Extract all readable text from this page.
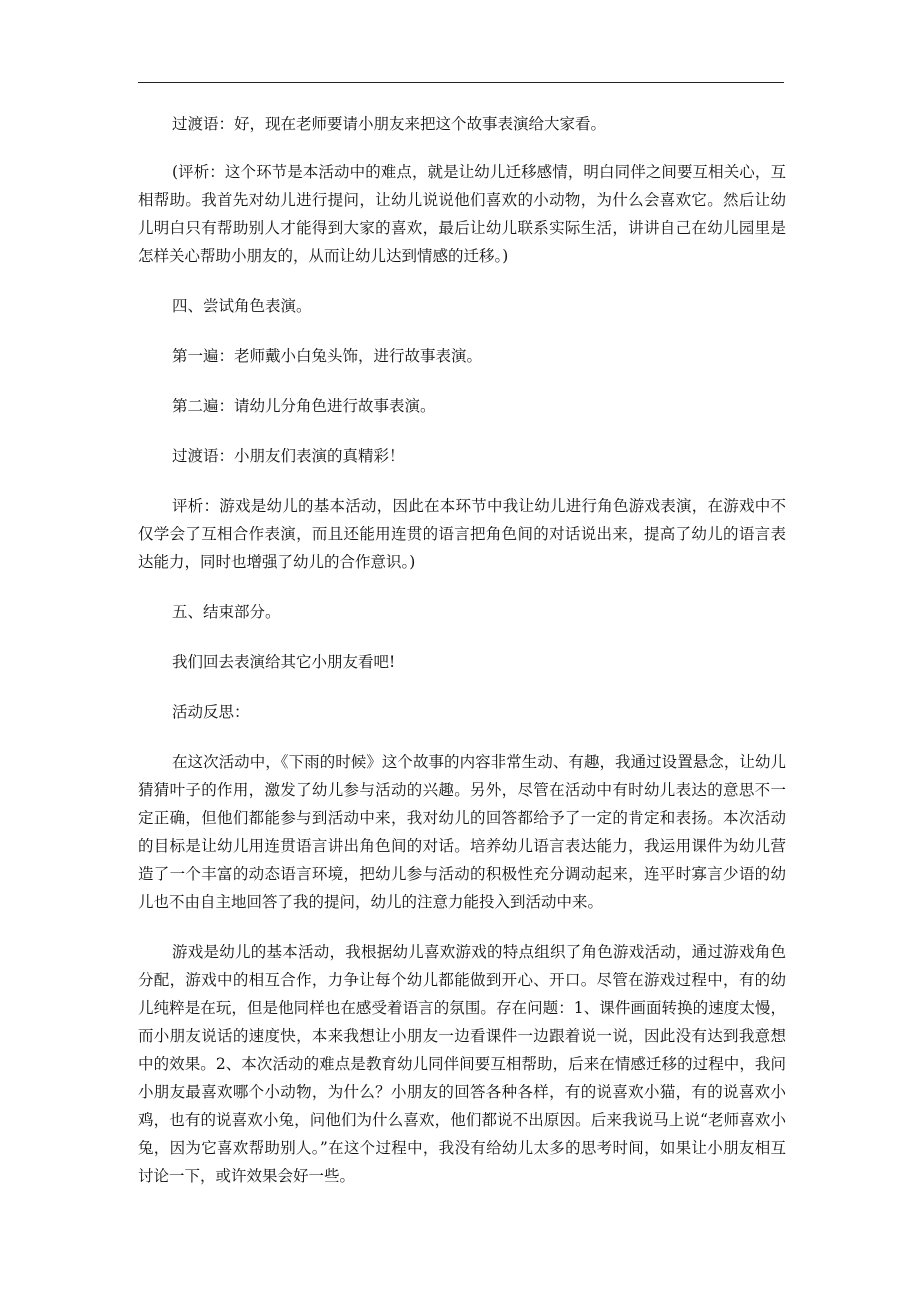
过渡语：好，现在老师要请小朋友来把这个故事表演给大家看。

(评析：这个环节是本活动中的难点，就是让幼儿迁移感情，明白同伴之间要互相关心，互相帮助。我首先对幼儿进行提问，让幼儿说说他们喜欢的小动物，为什么会喜欢它。然后让幼儿明白只有帮助别人才能得到大家的喜欢，最后让幼儿联系实际生活，讲讲自己在幼儿园里是怎样关心帮助小朋友的，从而让幼儿达到情感的迁移。)

四、尝试角色表演。

第一遍：老师戴小白兔头饰，进行故事表演。

第二遍：请幼儿分角色进行故事表演。

过渡语：小朋友们表演的真精彩！

评析：游戏是幼儿的基本活动，因此在本环节中我让幼儿进行角色游戏表演，在游戏中不仅学会了互相合作表演，而且还能用连贯的语言把角色间的对话说出来，提高了幼儿的语言表达能力，同时也增强了幼儿的合作意识。)

五、结束部分。

我们回去表演给其它小朋友看吧!

活动反思：

在这次活动中，《下雨的时候》这个故事的内容非常生动、有趣，我通过设置悬念，让幼儿猜猜叶子的作用，激发了幼儿参与活动的兴趣。另外，尽管在活动中有时幼儿表达的意思不一定正确，但他们都能参与到活动中来，我对幼儿的回答都给予了一定的肯定和表扬。本次活动的目标是让幼儿用连贯语言讲出角色间的对话。培养幼儿语言表达能力，我运用课件为幼儿营造了一个丰富的动态语言环境，把幼儿参与活动的积极性充分调动起来，连平时寡言少语的幼儿也不由自主地回答了我的提问，幼儿的注意力能投入到活动中来。

游戏是幼儿的基本活动，我根据幼儿喜欢游戏的特点组织了角色游戏活动，通过游戏角色分配，游戏中的相互合作，力争让每个幼儿都能做到开心、开口。尽管在游戏过程中，有的幼儿纯粹是在玩，但是他同样也在感受着语言的氛围。存在问题：1、课件画面转换的速度太慢，而小朋友说话的速度快，本来我想让小朋友一边看课件一边跟着说一说，因此没有达到我意想中的效果。2、本次活动的难点是教育幼儿同伴间要互相帮助，后来在情感迁移的过程中，我问小朋友最喜欢哪个小动物，为什么？小朋友的回答各种各样，有的说喜欢小猫，有的说喜欢小鸡，也有的说喜欢小兔，问他们为什么喜欢，他们都说不出原因。后来我说马上说“老师喜欢小兔，因为它喜欢帮助别人。”在这个过程中，我没有给幼儿太多的思考时间，如果让小朋友相互讨论一下，或许效果会好一些。
